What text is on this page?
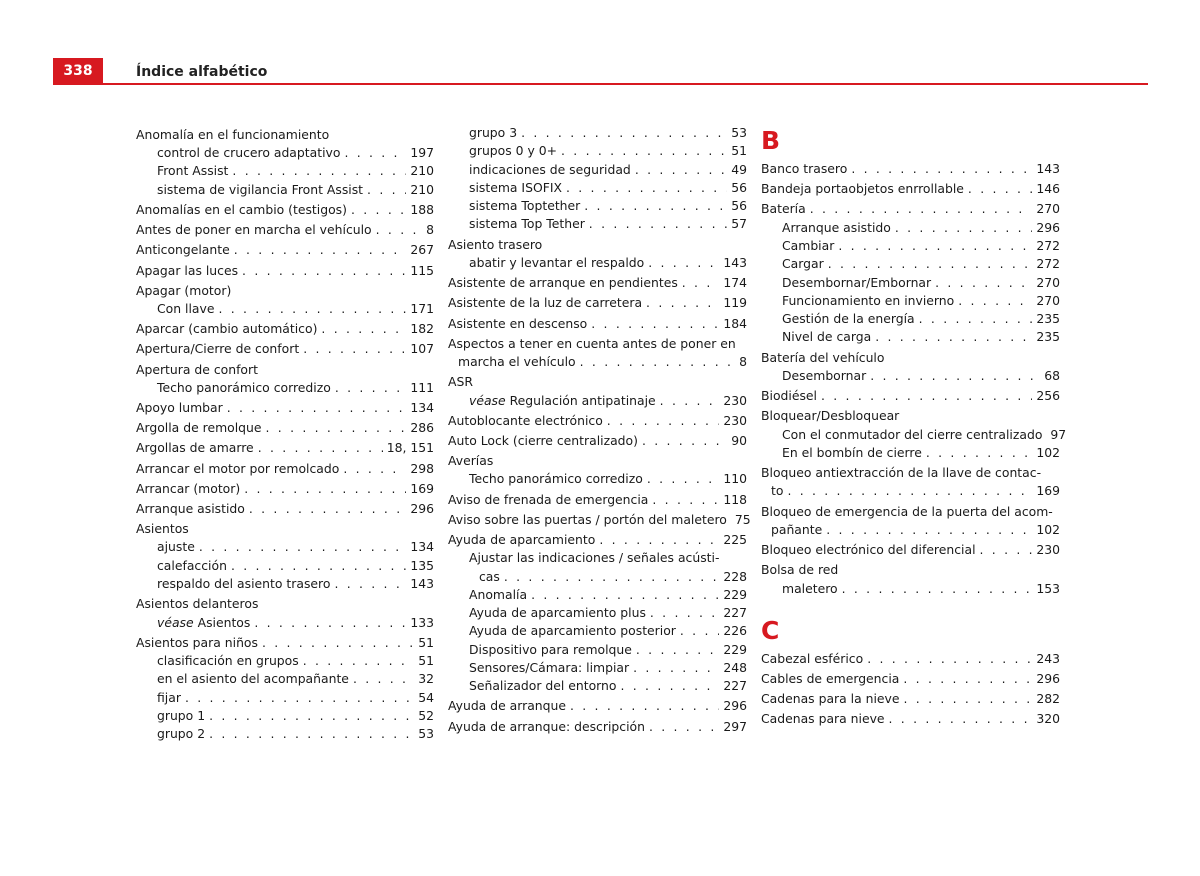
338	Índice alfabético
Anomalía en el funcionamiento
control de crucero adaptativo . . .	197
Front Assist . . .	210
sistema de vigilancia Front Assist . . .	210
Anomalías en el cambio (testigos) . . .	188
Antes de poner en marcha el vehículo . . .	8
Anticongelante . . .	267
Apagar las luces . . .	115
Apagar (motor)
Con llave . . .	171
Aparcar (cambio automático) . . .	182
Apertura/Cierre de confort . . .	107
Apertura de confort
Techo panorámico corredizo . . .	111
Apoyo lumbar . . .	134
Argolla de remolque . . .	286
Argollas de amarre . . .	18, 151
Arrancar el motor por remolcado . . .	298
Arrancar (motor) . . .	169
Arranque asistido . . .	296
Asientos
ajuste . . .	134
calefacción . . .	135
respaldo del asiento trasero . . .	143
Asientos delanteros
véase Asientos . . .	133
Asientos para niños . . .	51
clasificación en grupos . . .	51
en el asiento del acompañante . . .	32
fijar . . .	54
grupo 1 . . .	52
grupo 2 . . .	53
grupo 3 . . .	53
grupos 0 y 0+ . . .	51
indicaciones de seguridad . . .	49
sistema ISOFIX . . .	56
sistema Toptether . . .	56
sistema Top Tether . . .	57
Asiento trasero
abatir y levantar el respaldo . . .	143
Asistente de arranque en pendientes . . .	174
Asistente de la luz de carretera . . .	119
Asistente en descenso . . .	184
Aspectos a tener en cuenta antes de poner en
marcha el vehículo . . .	8
ASR
véase Regulación antipatinaje . . .	230
Autoblocante electrónico . . .	230
Auto Lock (cierre centralizado) . . .	90
Averías
Techo panorámico corredizo . . .	110
Aviso de frenada de emergencia . . .	118
Aviso sobre las puertas / portón del maletero 75
Ayuda de aparcamiento . . .	225
Ajustar las indicaciones / señales acústi-
cas . . .	228
Anomalía . . .	229
Ayuda de aparcamiento plus . . .	227
Ayuda de aparcamiento posterior . . .	226
Dispositivo para remolque . . .	229
Sensores/Cámara: limpiar . . .	248
Señalizador del entorno . . .	227
Ayuda de arranque . . .	296
Ayuda de arranque: descripción . . .	297
B
Banco trasero . . .	143
Bandeja portaobjetos enrrollable . . .	146
Batería . . .	270
Arranque asistido . . .	296
Cambiar . . .	272
Cargar . . .	272
Desembornar/Embornar . . .	270
Funcionamiento en invierno . . .	270
Gestión de la energía . . .	235
Nivel de carga . . .	235
Batería del vehículo
Desembornar . . .	68
Biodiésel . . .	256
Bloquear/Desbloquear
Con el conmutador del cierre centralizado 97
En el bombín de cierre . . .	102
Bloqueo antiextracción de la llave de contac-
to . . .	169
Bloqueo de emergencia de la puerta del acom-
pañante . . .	102
Bloqueo electrónico del diferencial . . .	230
Bolsa de red
maletero . . .	153
C
Cabezal esférico . . .	243
Cables de emergencia . . .	296
Cadenas para la nieve . . .	282
Cadenas para nieve . . .	320
